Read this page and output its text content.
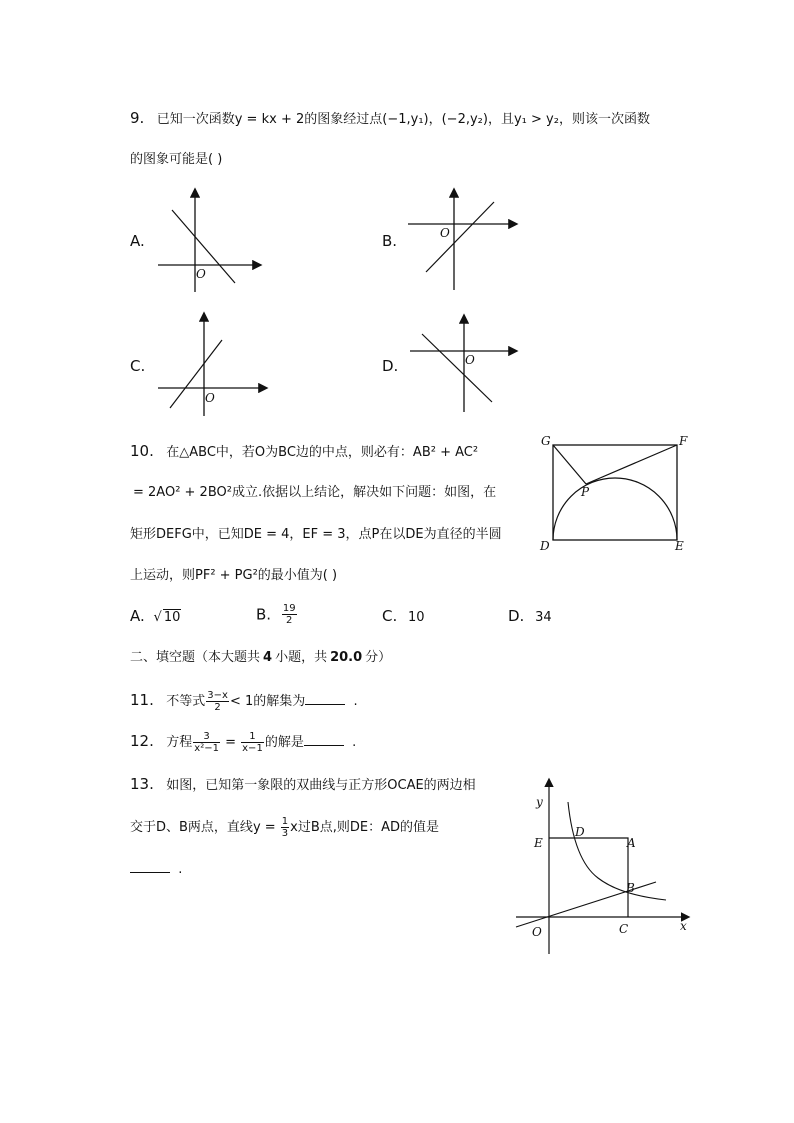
9. 已知一次函数y = kx + 2的图象经过点(−1,y₁)，(−2,y₂)，且y₁ > y₂，则该一次函数
的图象可能是( )
A.	B.
C.	D.
O
O
O
O
10. 在△ABC中，若O为BC边的中点，则必有：AB² + AC²
= 2AO² + 2BO²成立.依据以上结论，解决如下问题：如图，在
矩形DEFG中，已知DE = 4，EF = 3，点P在以DE为直径的半圆
上运动，则PF² + PG²的最小值为( )
G	F
P
D	E
A. √ 10	B. $\frac{19}{2}$	C. 10	D. 34
二、填空题（本大题共 4 小题，共 20.0 分）
11. 不等式 $\frac{3-x}{2} < 1$的解集为	.
12. 方程 $\frac{3}{\text{x²−1}} = \frac{1}{x-1}$ 的解是	.
13. 如图，已知第一象限的双曲线与正方形OCAE的两边相
交于D、B两点，直线$y = \frac{1}{3}$ x过B点,则DE：AD的值是
.
y
x
E
D
A
B
O	C
